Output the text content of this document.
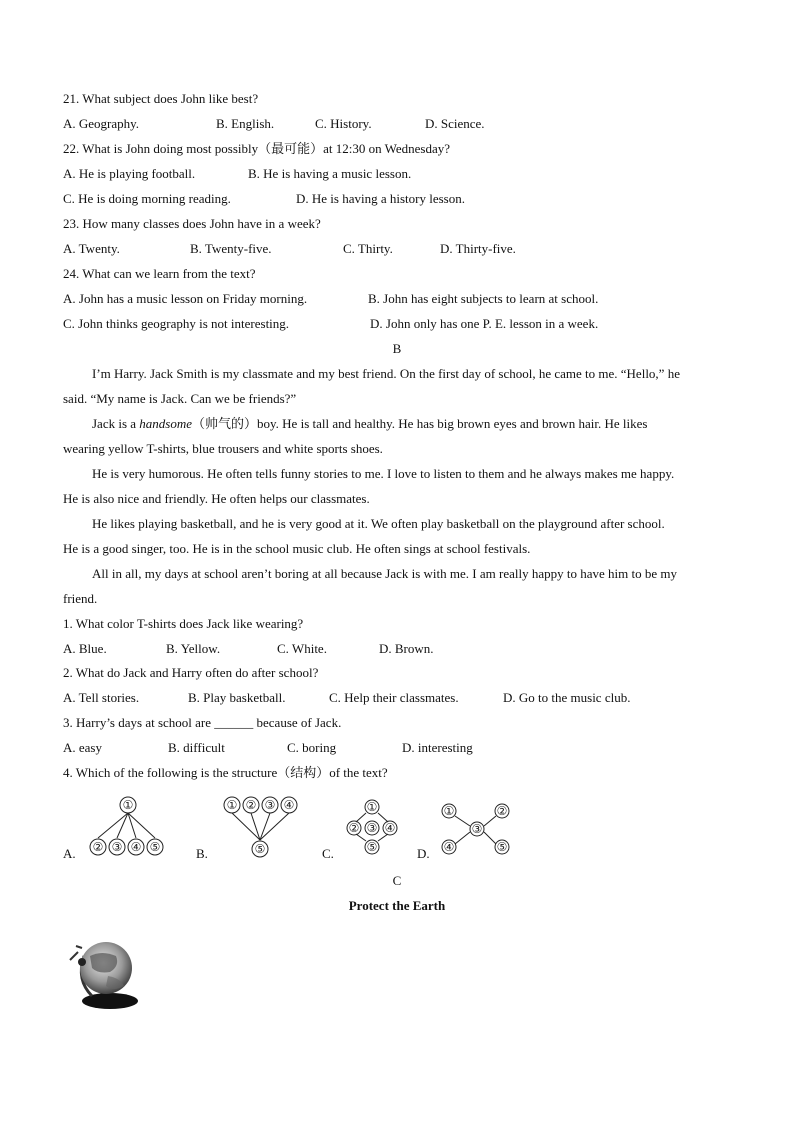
21. What subject does John like best?
A. Geography.	B. English.	C. History.	D. Science.
22. What is John doing most possibly（最可能）at 12:30 on Wednesday?
A. He is playing football.	B. He is having a music lesson.
C. He is doing morning reading.	D. He is having a history lesson.
23. How many classes does John have in a week?
A. Twenty.	B. Twenty-five.	C. Thirty.	D. Thirty-five.
24. What can we learn from the text?
A. John has a music lesson on Friday morning.	B. John has eight subjects to learn at school.
C. John thinks geography is not interesting.	D. John only has one P. E. lesson in a week.
B
I’m Harry. Jack Smith is my classmate and my best friend. On the first day of school, he came to me. “Hello,” he
said. “My name is Jack. Can we be friends?”
Jack is a handsome（帅气的）boy. He is tall and healthy. He has big brown eyes and brown hair. He likes
wearing yellow T-shirts, blue trousers and white sports shoes.
He is very humorous. He often tells funny stories to me. I love to listen to them and he always makes me happy.
He is also nice and friendly. He often helps our classmates.
He likes playing basketball, and he is very good at it. We often play basketball on the playground after school.
He is a good singer, too. He is in the school music club. He often sings at school festivals.
All in all, my days at school aren’t boring at all because Jack is with me. I am really happy to have him to be my
friend.
1. What color T-shirts does Jack like wearing?
A. Blue.	B. Yellow.	C. White.	D. Brown.
2. What do Jack and Harry often do after school?
A. Tell stories.	B. Play basketball.	C. Help their classmates.	D. Go to the music club.
3. Harry’s days at school are ______ because of Jack.
A. easy	B. difficult	C. boring	D. interesting
4. Which of the following is the structure（结构）of the text?
A.
①
② ③ ④ ⑤	B.
① ② ③ ④
⑤	C.
①
② ③ ④
⑤	D.
①	②
③
④	⑤
C
Protect the Earth
